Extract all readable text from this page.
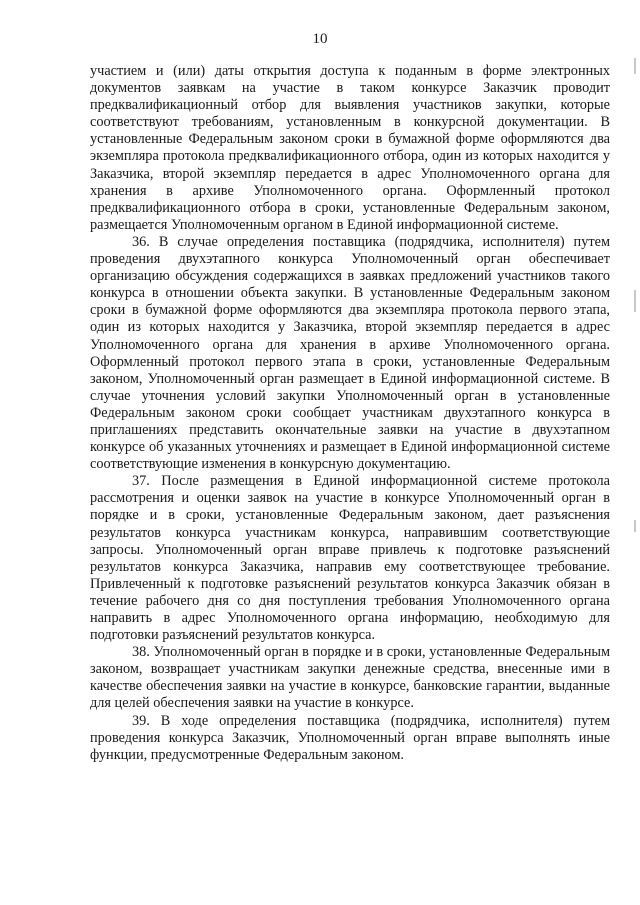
10

участием и (или) даты открытия доступа к поданным в форме электронных документов заявкам на участие в таком конкурсе Заказчик проводит предквалификационный отбор для выявления участников закупки, которые соответствуют требованиям, установленным в конкурсной документации. В установленные Федеральным законом сроки в бумажной форме оформляются два экземпляра протокола предквалификационного отбора, один из которых находится у Заказчика, второй экземпляр передается в адрес Уполномоченного органа для хранения в архиве Уполномоченного органа. Оформленный протокол предквалификационного отбора в сроки, установленные Федеральным законом, размещается Уполномоченным органом в Единой информационной системе.

36. В случае определения поставщика (подрядчика, исполнителя) путем проведения двухэтапного конкурса Уполномоченный орган обеспечивает организацию обсуждения содержащихся в заявках предложений участников такого конкурса в отношении объекта закупки. В установленные Федеральным законом сроки в бумажной форме оформляются два экземпляра протокола первого этапа, один из которых находится у Заказчика, второй экземпляр передается в адрес Уполномоченного органа для хранения в архиве Уполномоченного органа. Оформленный протокол первого этапа в сроки, установленные Федеральным законом, Уполномоченный орган размещает в Единой информационной системе. В случае уточнения условий закупки Уполномоченный орган в установленные Федеральным законом сроки сообщает участникам двухэтапного конкурса в приглашениях представить окончательные заявки на участие в двухэтапном конкурсе об указанных уточнениях и размещает в Единой информационной системе соответствующие изменения в конкурсную документацию.

37. После размещения в Единой информационной системе протокола рассмотрения и оценки заявок на участие в конкурсе Уполномоченный орган в порядке и в сроки, установленные Федеральным законом, дает разъяснения результатов конкурса участникам конкурса, направившим соответствующие запросы. Уполномоченный орган вправе привлечь к подготовке разъяснений результатов конкурса Заказчика, направив ему соответствующее требование. Привлеченный к подготовке разъяснений результатов конкурса Заказчик обязан в течение рабочего дня со дня поступления требования Уполномоченного органа направить в адрес Уполномоченного органа информацию, необходимую для подготовки разъяснений результатов конкурса.

38. Уполномоченный орган в порядке и в сроки, установленные Федеральным законом, возвращает участникам закупки денежные средства, внесенные ими в качестве обеспечения заявки на участие в конкурсе, банковские гарантии, выданные для целей обеспечения заявки на участие в конкурсе.

39. В ходе определения поставщика (подрядчика, исполнителя) путем проведения конкурса Заказчик, Уполномоченный орган вправе выполнять иные функции, предусмотренные Федеральным законом.
